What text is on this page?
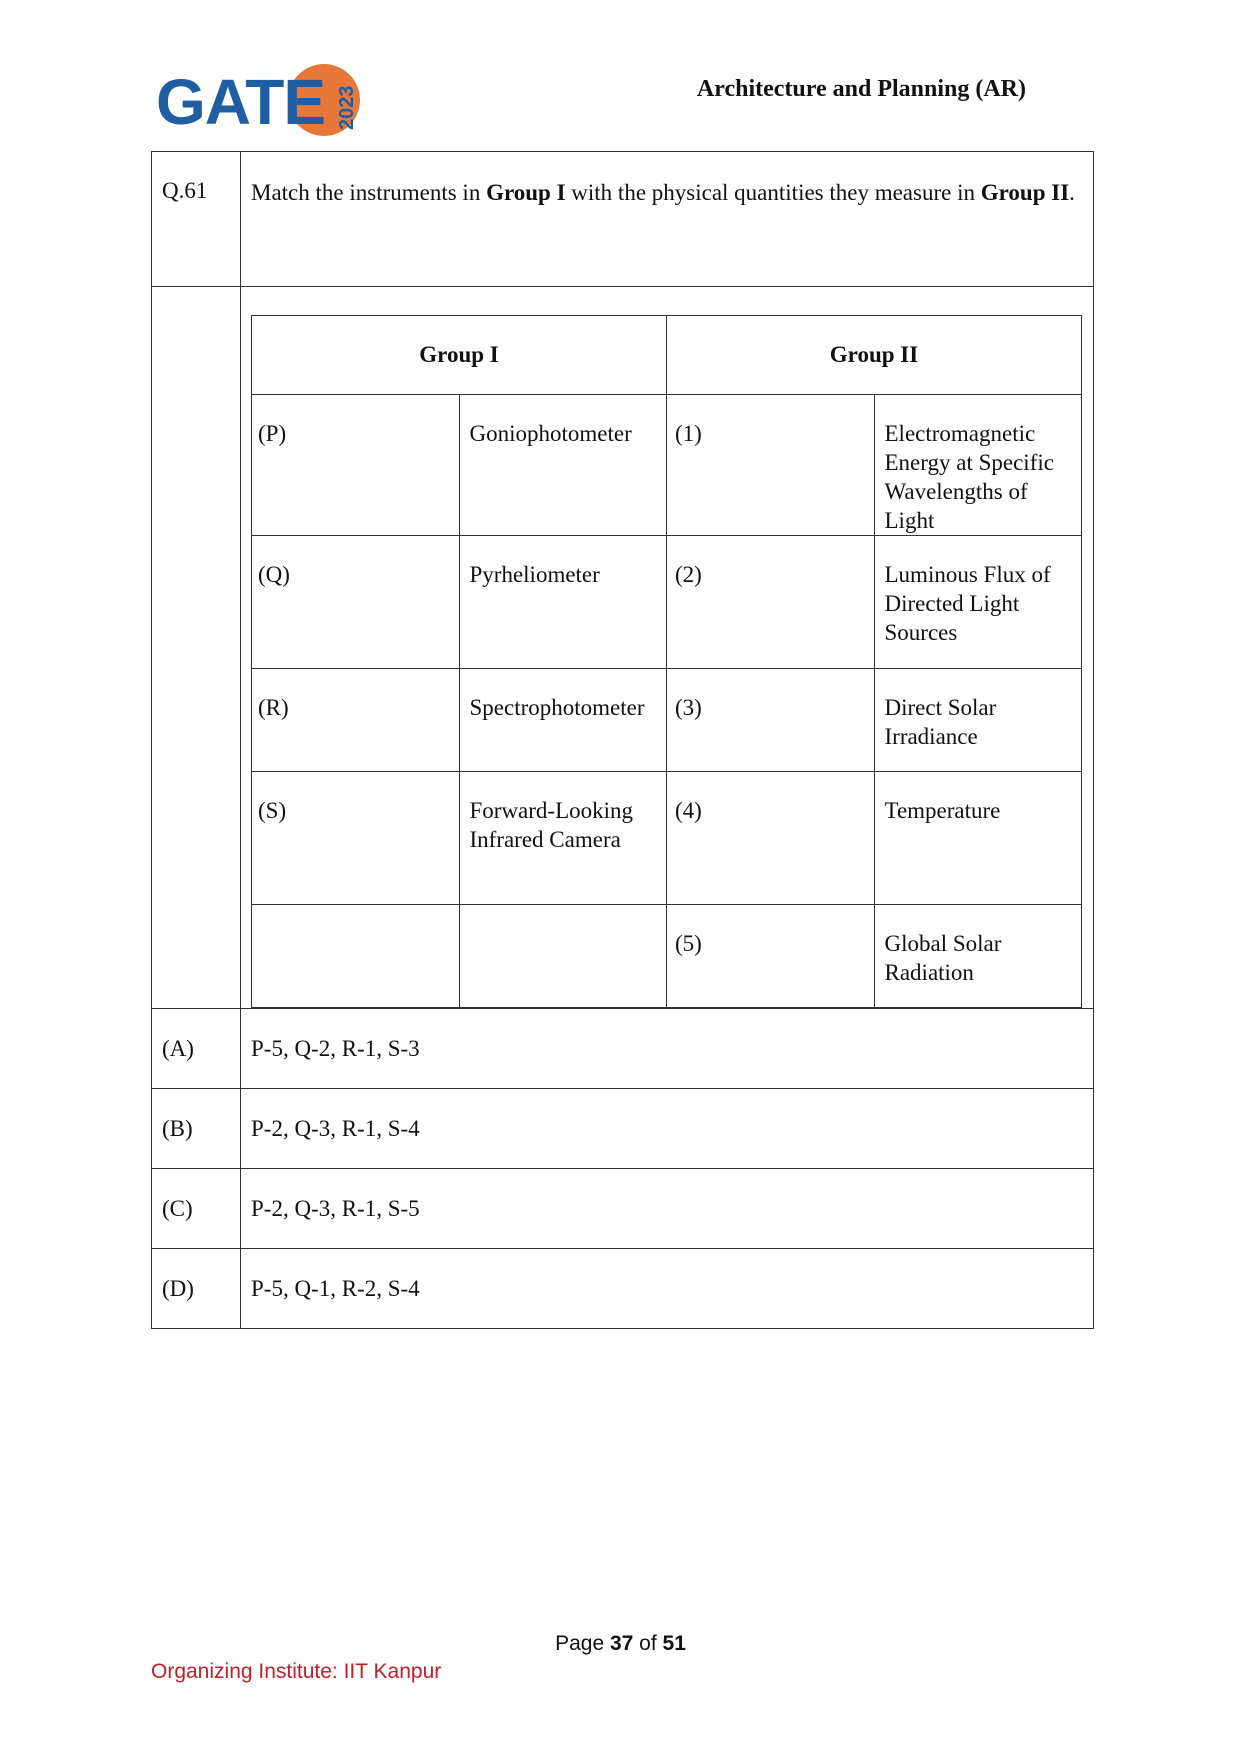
GATE 2023	Architecture and Planning (AR)
Q.61	Match the instruments in Group I with the physical quantities they measure in Group II.

Group I	Group II
(P)	Goniophotometer	(1)	Electromagnetic Energy at Specific Wavelengths of Light
(Q)	Pyrheliometer	(2)	Luminous Flux of Directed Light Sources
(R)	Spectrophotometer	(3)	Direct Solar Irradiance
(S)	Forward-Looking Infrared Camera	(4)	Temperature
		(5)	Global Solar Radiation

(A)	P-5, Q-2, R-1, S-3
(B)	P-2, Q-3, R-1, S-4
(C)	P-2, Q-3, R-1, S-5
(D)	P-5, Q-1, R-2, S-4
Page 37 of 51
Organizing Institute: IIT Kanpur
